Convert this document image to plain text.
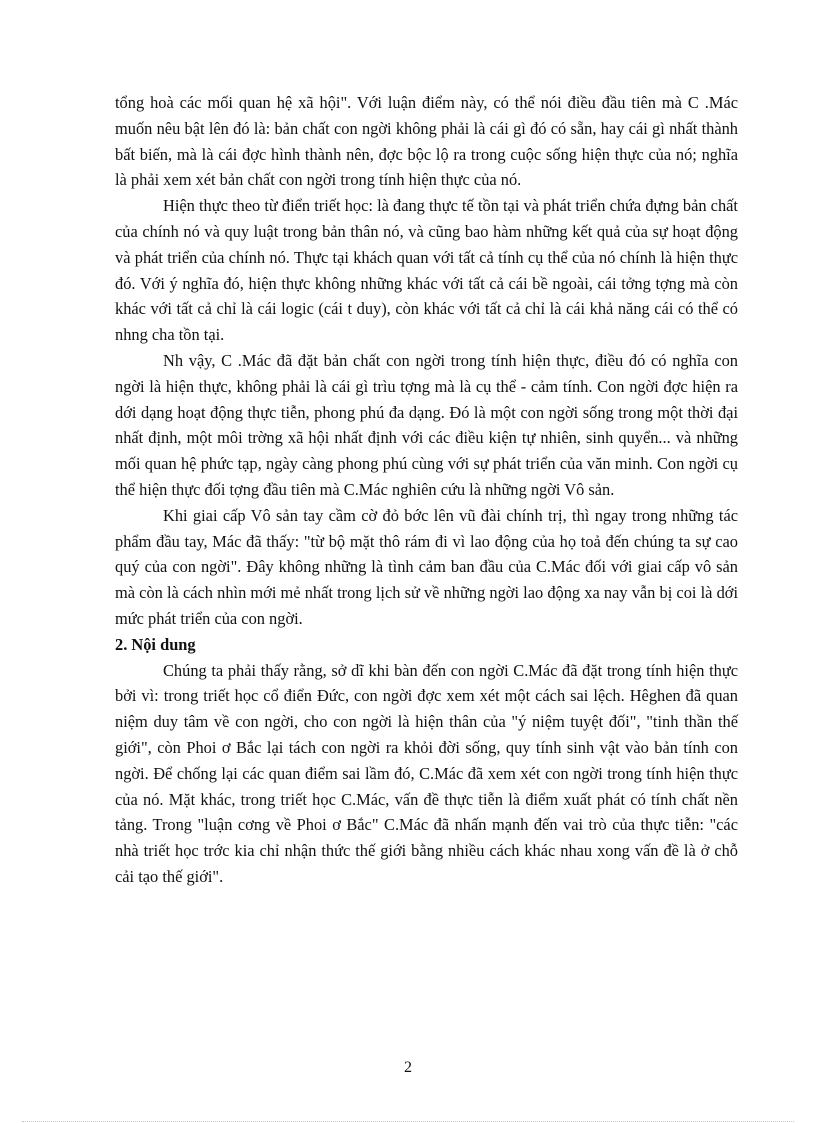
tổng hoà các mối quan hệ xã hội". Với luận điểm này, có thể nói điều đầu tiên mà C .Mác muốn nêu bật lên đó là: bản chất con ngời không phải là cái gì đó có sẵn, hay cái gì nhất thành bất biến, mà là cái đợc hình thành nên, đợc bộc lộ ra trong cuộc sống hiện thực của nó; nghĩa là phải xem xét bản chất con ngời trong tính hiện thực của nó.

Hiện thực theo từ điển triết học: là đang thực tế tồn tại và phát triển chứa đựng bản chất của chính nó và quy luật trong bản thân nó, và cũng bao hàm những kết quả của sự hoạt động và phát triển của chính nó. Thực tại khách quan với tất cả tính cụ thể của nó chính là hiện thực đó. Với ý nghĩa đó, hiện thực không những khác với tất cả cái bề ngoài, cái tởng tợng mà còn khác với tất cả chỉ là cái logic (cái t duy), còn khác với tất cả chỉ là cái khả năng cái có thể có nhng cha tồn tại.

Nh vậy, C .Mác đã đặt bản chất con ngời trong tính hiện thực, điều đó có nghĩa con ngời là hiện thực, không phải là cái gì trìu tợng mà là cụ thể - cảm tính. Con ngời đợc hiện ra dới dạng hoạt động thực tiễn, phong phú đa dạng. Đó là một con ngời sống trong một thời đại nhất định, một môi trờng xã hội nhất định với các điều kiện tự nhiên, sinh quyển... và những mối quan hệ phức tạp, ngày càng phong phú cùng với sự phát triển của văn minh. Con ngời cụ thể hiện thực đối tợng đầu tiên mà C.Mác nghiên cứu là những ngời Vô sản.

Khi giai cấp Vô sản tay cầm cờ đỏ bớc lên vũ đài chính trị, thì ngay trong những tác phẩm đầu tay, Mác đã thấy: "từ bộ mặt thô rám đi vì lao động của họ toả đến chúng ta sự cao quý của con ngời". Đây không những là tình cảm ban đầu của C.Mác đối với giai cấp vô sản mà còn là cách nhìn mới mẻ nhất trong lịch sử về những ngời lao động xa nay vẫn bị coi là dới mức phát triển của con ngời.

2. Nội dung

Chúng ta phải thấy rằng, sở dĩ khi bàn đến con ngời C.Mác đã đặt trong tính hiện thực bởi vì: trong triết học cổ điển Đức, con ngời đợc xem xét một cách sai lệch. Hêghen đã quan niệm duy tâm về con ngời, cho con ngời là hiện thân của "ý niệm tuyệt đối", "tinh thần thế giới", còn Phoi ơ Bắc lại tách con ngời ra khỏi đời sống, quy tính sinh vật vào bản tính con ngời. Để chống lại các quan điểm sai lầm đó, C.Mác đã xem xét con ngời trong tính hiện thực của nó. Mặt khác, trong triết học C.Mác, vấn đề thực tiễn là điểm xuất phát có tính chất nền tảng. Trong "luận cơng về Phoi ơ Bắc" C.Mác đã nhấn mạnh đến vai trò của thực tiễn: "các nhà triết học trớc kia chỉ nhận thức thế giới bằng nhiều cách khác nhau xong vấn đề là ở chỗ cải tạo thế giới".

2
